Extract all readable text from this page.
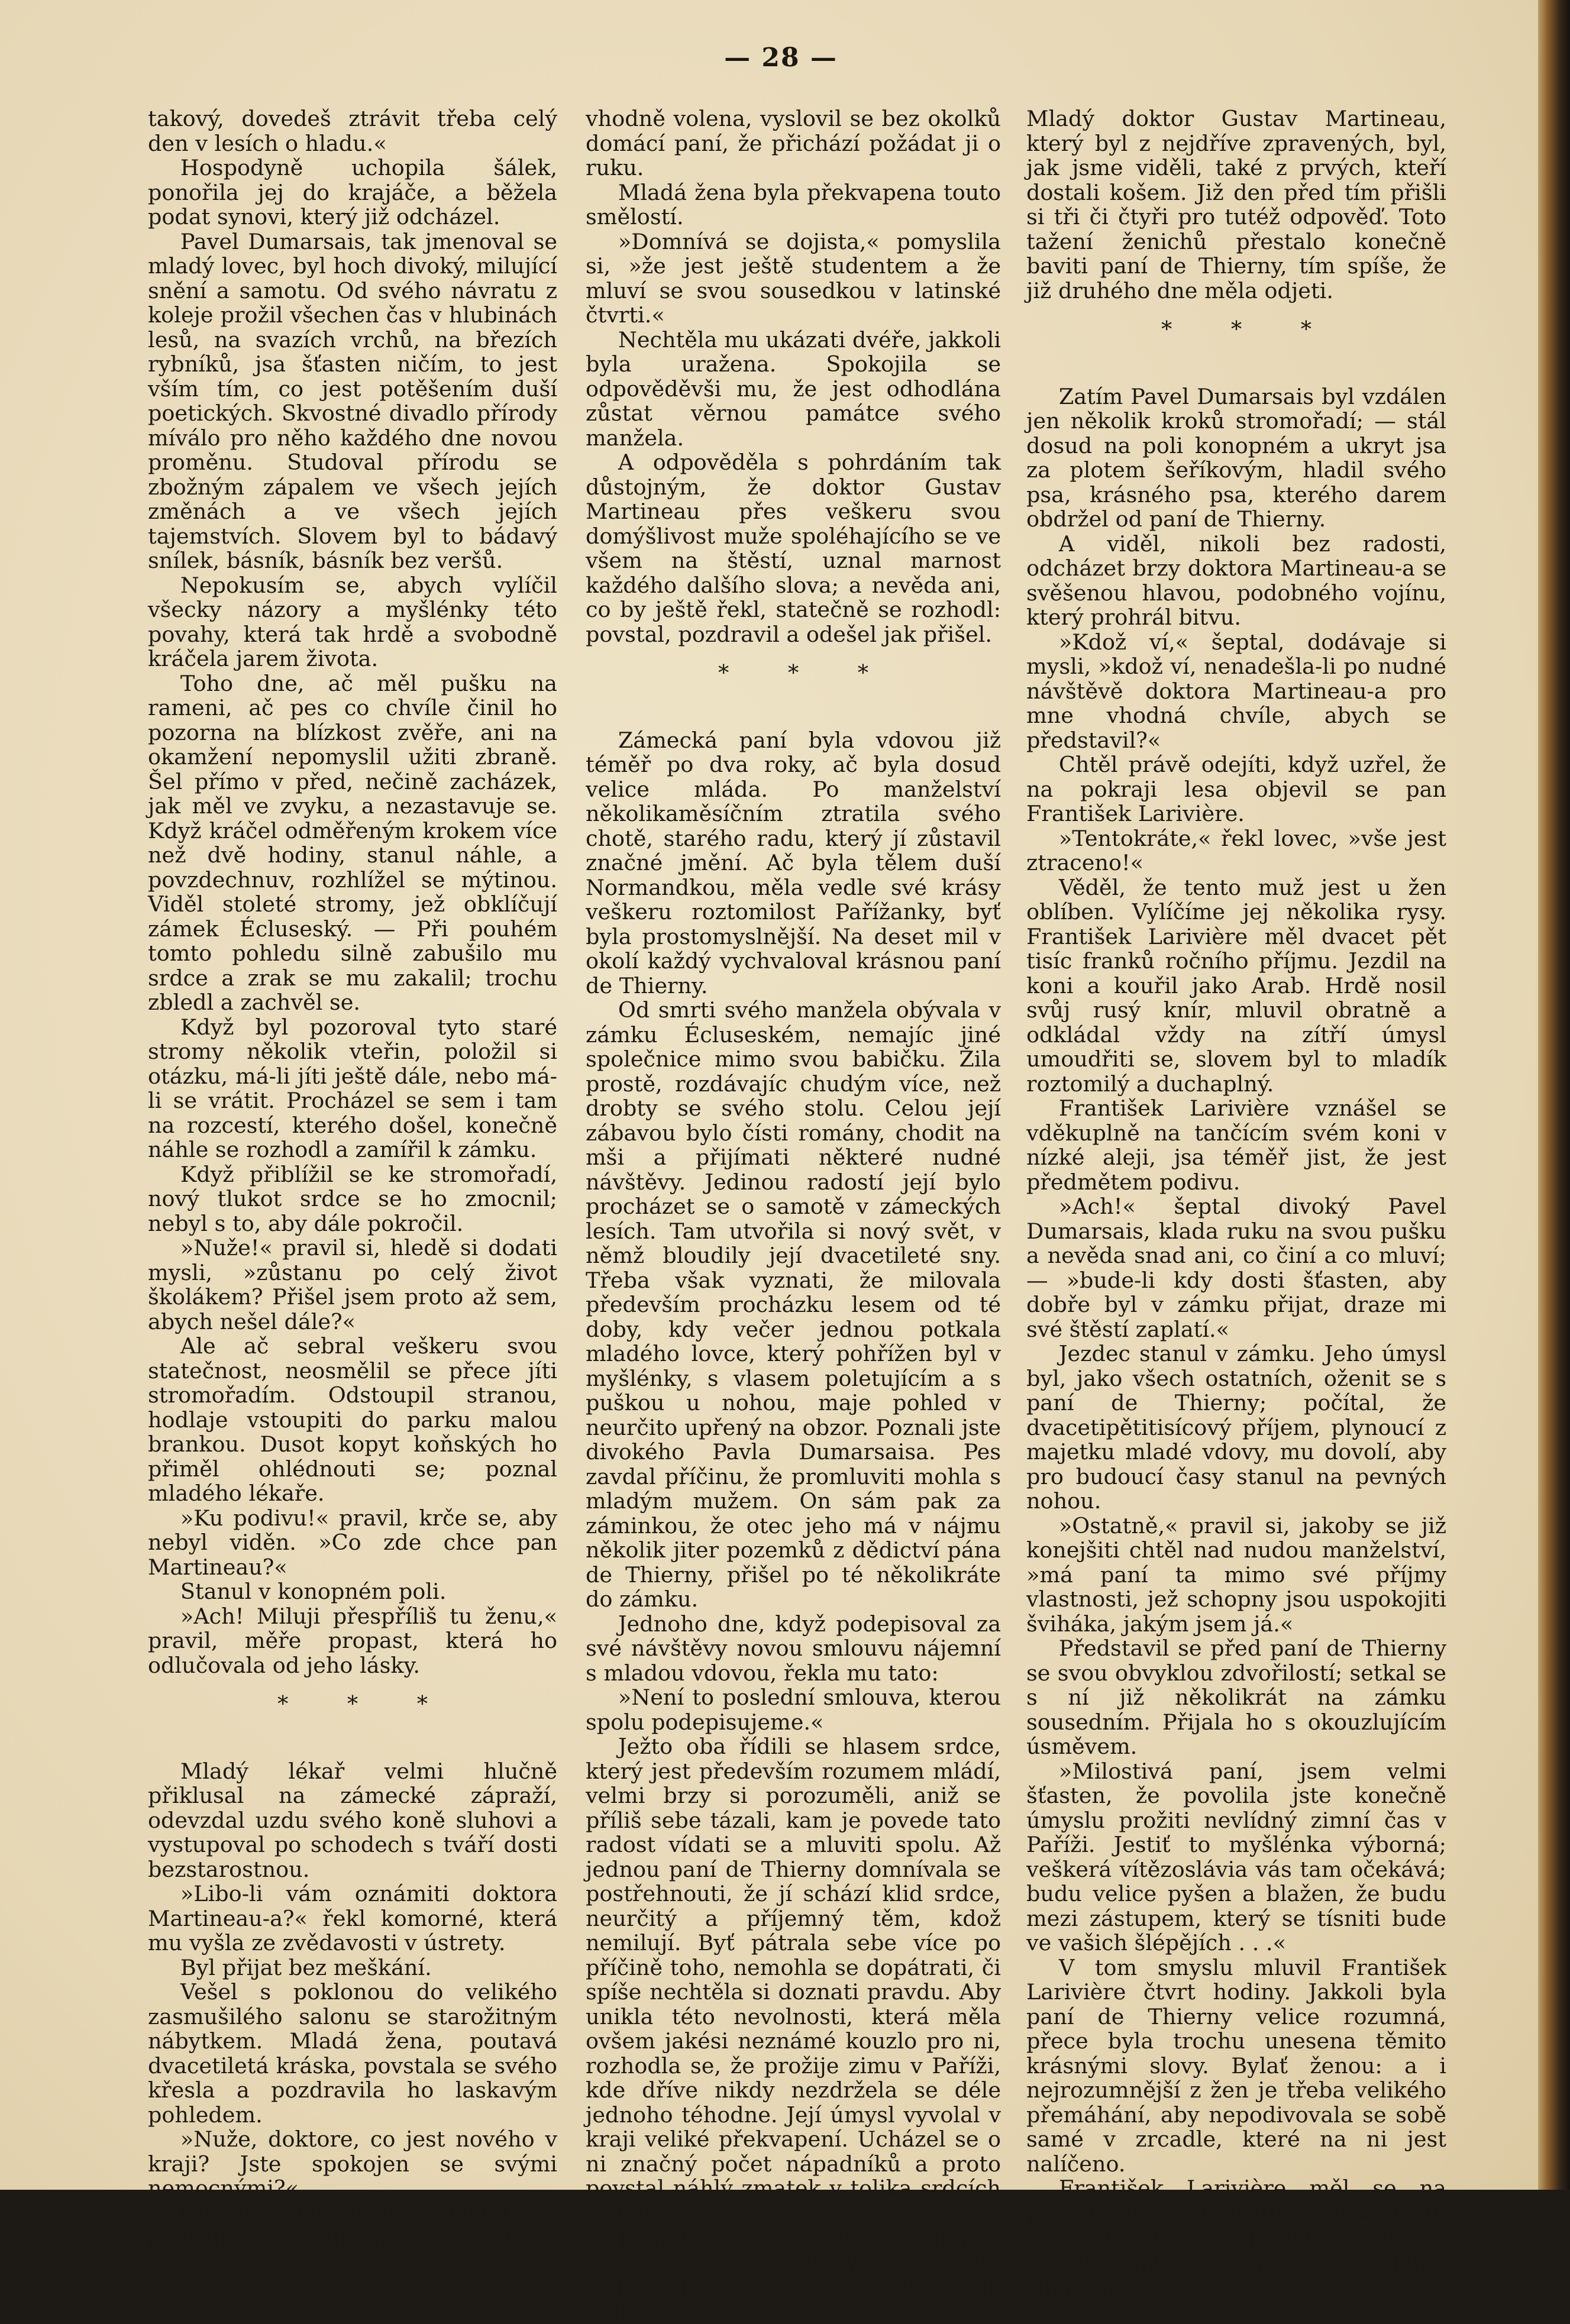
— 28 —

takový, dovedeš ztrávit třeba celý den v lesích o hladu.«

Hospodyně uchopila šálek, ponořila jej do krajáče, a běžela podat synovi, který již odcházel.

Pavel Dumarsais, tak jmenoval se mladý lovec, byl hoch divoký, milující snění a samotu. Od svého návratu z koleje prožil všechen čas v hlubinách lesů, na svazích vrchů, na březích rybníků, jsa šťasten ničím, to jest vším tím, co jest potěšením duší poetických. Skvostné divadlo přírody míválo pro něho každého dne novou proměnu. Studoval přírodu se zbožným zápalem ve všech jejích změnách a ve všech jejích tajemstvích. Slovem byl to bádavý snílek, básník, básník bez veršů.

Nepokusím se, abych vylíčil všecky názory a myšlénky této povahy, která tak hrdě a svobodně kráčela jarem života.

Toho dne, ač měl pušku na rameni, ač pes co chvíle činil ho pozorna na blízkost zvěře, ani na okamžení nepomyslil užiti zbraně. Šel přímo v před, nečině zacházek, jak měl ve zvyku, a nezastavuje se. Když kráčel odměřeným krokem více než dvě hodiny, stanul náhle, a povzdechnuv, rozhlížel se mýtinou. Viděl stoleté stromy, jež obklíčují zámek Écluseský. — Při pouhém tomto pohledu silně zabušilo mu srdce a zrak se mu zakalil; trochu zbledl a zachvěl se.

Když byl pozoroval tyto staré stromy několik vteřin, položil si otázku, má-li jíti ještě dále, nebo má-li se vrátit. Procházel se sem i tam na rozcestí, kterého došel, konečně náhle se rozhodl a zamířil k zámku.

Když přiblížil se ke stromořadí, nový tlukot srdce se ho zmocnil; nebyl s to, aby dále pokročil.

»Nuže!« pravil si, hledě si dodati mysli, »zůstanu po celý život školákem? Přišel jsem proto až sem, abych nešel dále?«

Ale ač sebral veškeru svou statečnost, neosmělil se přece jíti stromořadím. Odstoupil stranou, hodlaje vstoupiti do parku malou brankou. Dusot kopyt koňských ho přiměl ohlédnouti se; poznal mladého lékaře.

»Ku podivu!« pravil, krče se, aby nebyl viděn. »Co zde chce pan Martineau?«

Stanul v konopném poli.

»Ach! Miluji přespříliš tu ženu,« pravil, měře propast, která ho odlučovala od jeho lásky.

* * *

Mladý lékař velmi hlučně přiklusal na zámecké zápraží, odevzdal uzdu svého koně sluhovi a vystupoval po schodech s tváří dosti bezstarostnou.

»Libo-li vám oznámiti doktora Martineau-a?« řekl komorné, která mu vyšla ze zvědavosti v ústrety.

Byl přijat bez meškání.

Vešel s poklonou do velikého zasmušilého salonu se starožitným nábytkem. Mladá žena, poutavá dvacetiletá kráska, povstala se svého křesla a pozdravila ho laskavým pohledem.

»Nuže, doktore, co jest nového v kraji? Jste spokojen se svými nemocnými?«

Gustav Martineau poklonil se podruhé, a domnívaje se, že chvíle jest

vhodně volena, vyslovil se bez okolků domácí paní, že přichází požádat ji o ruku.

Mladá žena byla překvapena touto smělostí.

»Domnívá se dojista,« pomyslila si, »že jest ještě studentem a že mluví se svou sousedkou v latinské čtvrti.«

Nechtěla mu ukázati dvéře, jakkoli byla uražena. Spokojila se odpověděvši mu, že jest odhodlána zůstat věrnou památce svého manžela.

A odpověděla s pohrdáním tak důstojným, že doktor Gustav Martineau přes veškeru svou domýšlivost muže spoléhajícího se ve všem na štěstí, uznal marnost každého dalšího slova; a nevěda ani, co by ještě řekl, statečně se rozhodl: povstal, pozdravil a odešel jak přišel.

* * *

Zámecká paní byla vdovou již téměř po dva roky, ač byla dosud velice mláda. Po manželství několikaměsíčním ztratila svého chotě, starého radu, který jí zůstavil značné jmění. Ač byla tělem duší Normandkou, měla vedle své krásy veškeru roztomilost Pařížanky, byť byla prostomyslnější. Na deset mil v okolí každý vychvaloval krásnou paní de Thierny.

Od smrti svého manžela obývala v zámku Écluseském, nemajíc jiné společnice mimo svou babičku. Žila prostě, rozdávajíc chudým více, než drobty se svého stolu. Celou její zábavou bylo čísti romány, chodit na mši a přijímati některé nudné návštěvy. Jedinou radostí její bylo procházet se o samotě v zámeckých lesích. Tam utvořila si nový svět, v němž bloudily její dvacetileté sny. Třeba však vyznati, že milovala především procházku lesem od té doby, kdy večer jednou potkala mladého lovce, který pohřížen byl v myšlénky, s vlasem poletujícím a s puškou u nohou, maje pohled v neurčito upřený na obzor. Poznali jste divokého Pavla Dumarsaisa. Pes zavdal příčinu, že promluviti mohla s mladým mužem. On sám pak za záminkou, že otec jeho má v nájmu několik jiter pozemků z dědictví pána de Thierny, přišel po té několikráte do zámku.

Jednoho dne, když podepisoval za své návštěvy novou smlouvu nájemní s mladou vdovou, řekla mu tato:

»Není to poslední smlouva, kterou spolu podepisujeme.«

Ježto oba řídili se hlasem srdce, který jest především rozumem mládí, velmi brzy si porozuměli, aniž se příliš sebe tázali, kam je povede tato radost vídati se a mluviti spolu. Až jednou paní de Thierny domnívala se postřehnouti, že jí schází klid srdce, neurčitý a příjemný těm, kdož nemilují. Byť pátrala sebe více po příčině toho, nemohla se dopátrati, či spíše nechtěla si doznati pravdu. Aby unikla této nevolnosti, která měla ovšem jakési neznámé kouzlo pro ni, rozhodla se, že prožije zimu v Paříži, kde dříve nikdy nezdržela se déle jednoho téhodne. Její úmysl vyvolal v kraji veliké překvapení. Ucházel se o ni značný počet nápadníků a proto povstal náhlý zmatek v tolika srdcích z okolí.

Jakmile zpráva o odjezdu jejím se ukázala býti pravdivou, všichni vzdychající zbožňovatelé vytáhli do pole.

Mladý doktor Gustav Martineau, který byl z nejdříve zpravených, byl, jak jsme viděli, také z prvých, kteří dostali košem. Již den před tím přišli si tři či čtyři pro tutéž odpověď. Toto tažení ženichů přestalo konečně baviti paní de Thierny, tím spíše, že již druhého dne měla odjeti.

* * *

Zatím Pavel Dumarsais byl vzdálen jen několik kroků stromořadí; — stál dosud na poli konopném a ukryt jsa za plotem šeříkovým, hladil svého psa, krásného psa, kterého darem obdržel od paní de Thierny.

A viděl, nikoli bez radosti, odcházet brzy doktora Martineau-a se svěšenou hlavou, podobného vojínu, který prohrál bitvu.

»Kdož ví,« šeptal, dodávaje si mysli, »kdož ví, nenadešla-li po nudné návštěvě doktora Martineau-a pro mne vhodná chvíle, abych se představil?«

Chtěl právě odejíti, když uzřel, že na pokraji lesa objevil se pan František Larivière.

»Tentokráte,« řekl lovec, »vše jest ztraceno!«

Věděl, že tento muž jest u žen oblíben. Vylíčíme jej několika rysy. František Larivière měl dvacet pět tisíc franků ročního příjmu. Jezdil na koni a kouřil jako Arab. Hrdě nosil svůj rusý knír, mluvil obratně a odkládal vždy na zítří úmysl umoudřiti se, slovem byl to mladík roztomilý a duchaplný.

František Larivière vznášel se vděkuplně na tančícím svém koni v nízké aleji, jsa téměř jist, že jest předmětem podivu.

»Ach!« šeptal divoký Pavel Dumarsais, klada ruku na svou pušku a nevěda snad ani, co činí a co mluví; — »bude-li kdy dosti šťasten, aby dobře byl v zámku přijat, draze mi své štěstí zaplatí.«

Jezdec stanul v zámku. Jeho úmysl byl, jako všech ostatních, oženit se s paní de Thierny; počítal, že dvacetipětitisícový příjem, plynoucí z majetku mladé vdovy, mu dovolí, aby pro budoucí časy stanul na pevných nohou.

»Ostatně,« pravil si, jakoby se již konejšiti chtěl nad nudou manželství, »má paní ta mimo své příjmy vlastnosti, jež schopny jsou uspokojiti šviháka, jakým jsem já.«

Představil se před paní de Thierny se svou obvyklou zdvořilostí; setkal se s ní již několikrát na zámku sousedním. Přijala ho s okouzlujícím úsměvem.

»Milostivá paní, jsem velmi šťasten, že povolila jste konečně úmyslu prožiti nevlídný zimní čas v Paříži. Jestiť to myšlénka výborná; veškerá vítězoslávia vás tam očekává; budu velice pyšen a blažen, že budu mezi zástupem, který se tísniti bude ve vašich šlépějích . . .«

V tom smyslu mluvil František Larivière čtvrt hodiny. Jakkoli byla paní de Thierny velice rozumná, přece byla trochu unesena těmito krásnými slovy. Bylať ženou: a i nejrozumnější z žen je třeba velikého přemáhání, aby nepodivovala se sobě samé v zrcadle, které na ni jest nalíčeno.

František Larivière měl se na pozoru, aby nedopustil se pošetilosti, jako všichni druzí; neřekl, že chce se oženiti, nýbrž vyznal, že miluje. Opakoval,
